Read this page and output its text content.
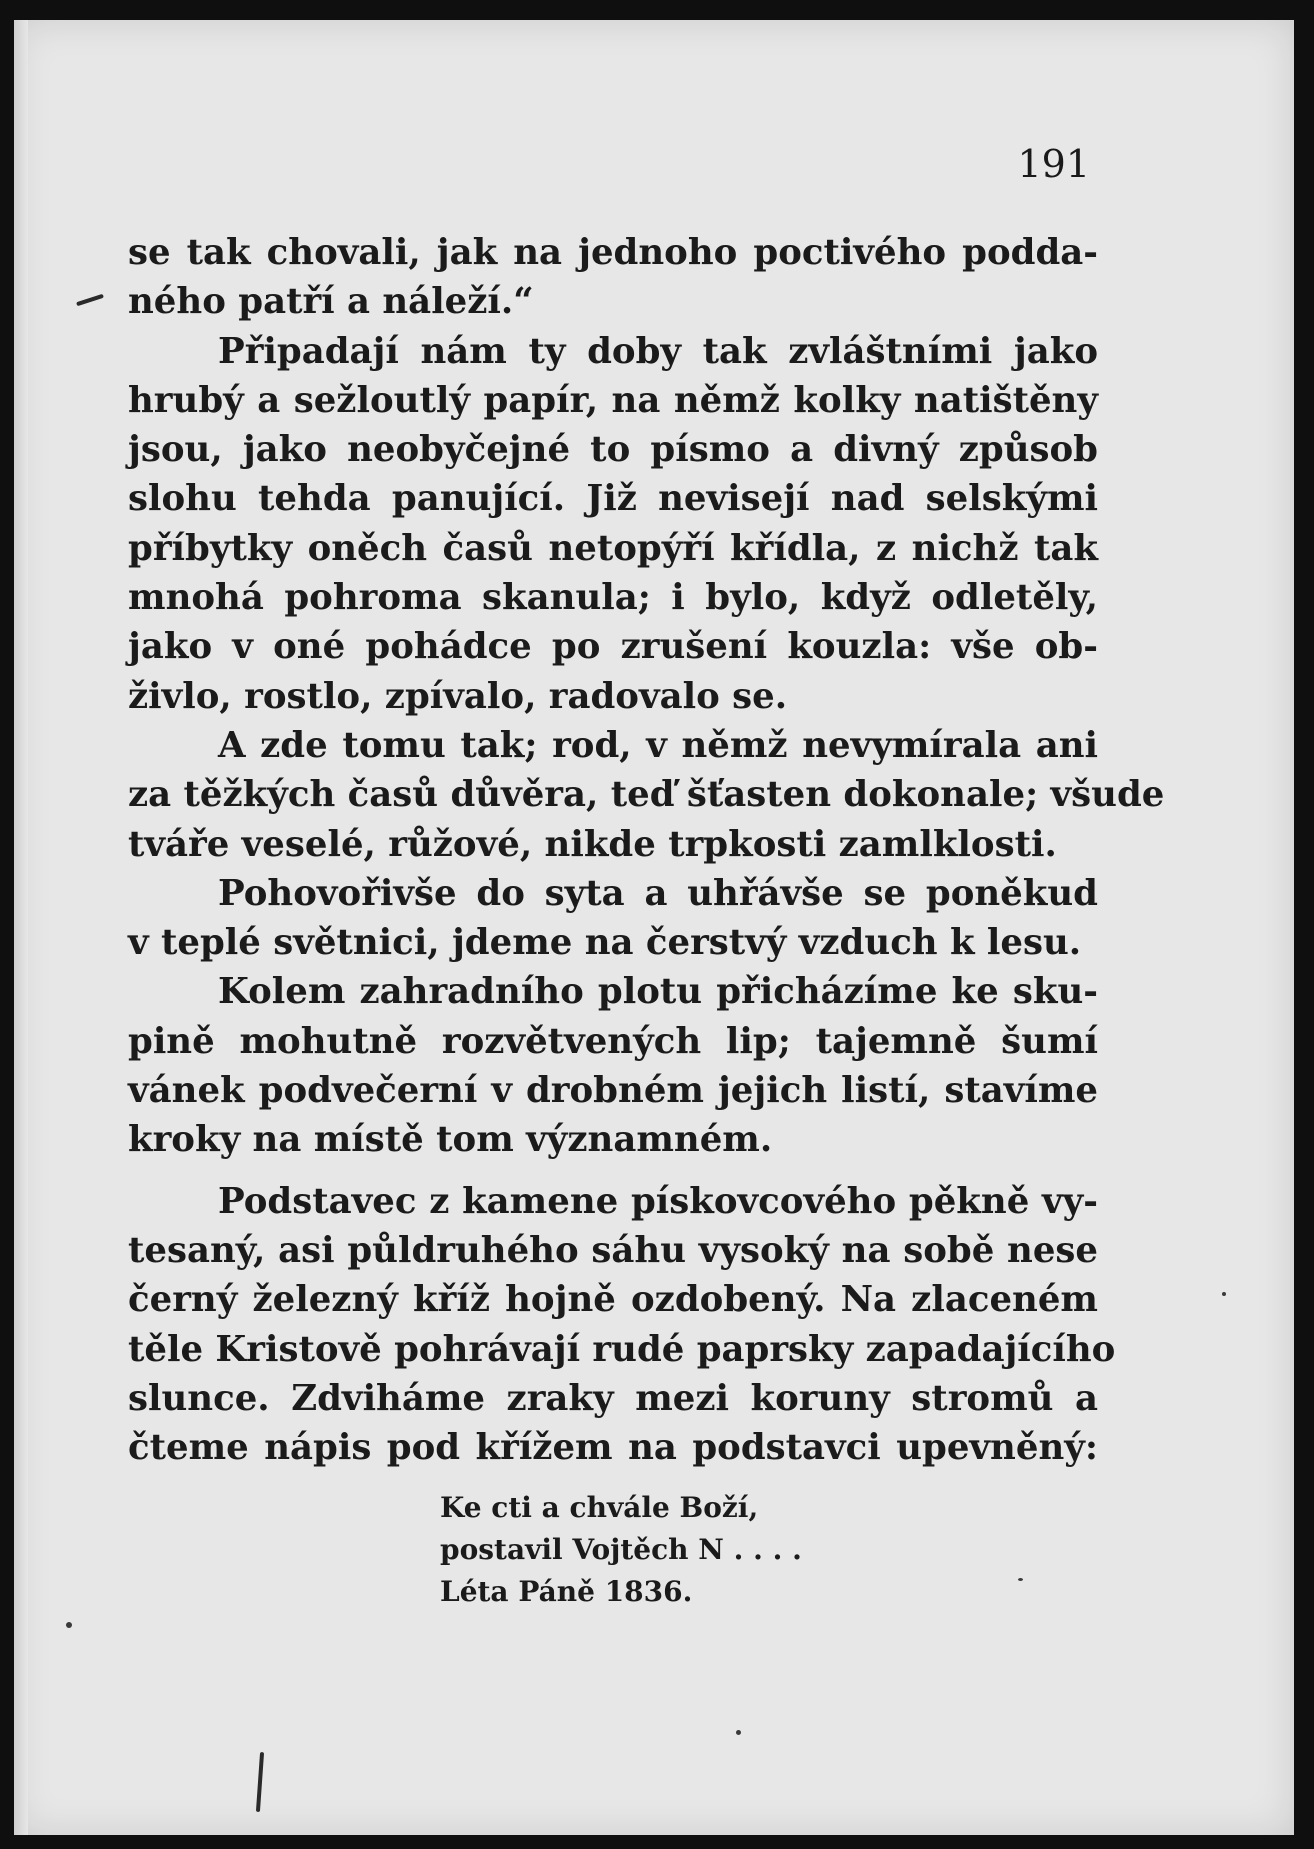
191
se tak chovali, jak na jednoho poctivého podda-
ného patří a náleží.“
Připadají nám ty doby tak zvláštními jako
hrubý a sežloutlý papír, na němž kolky natištěny
jsou, jako neobyčejné to písmo a divný způsob
slohu tehda panující. Již nevisejí nad selskými
příbytky oněch časů netopýří křídla, z nichž tak
mnohá pohroma skanula; i bylo, když odletěly,
jako v oné pohádce po zrušení kouzla: vše ob-
živlo, rostlo, zpívalo, radovalo se.
A zde tomu tak; rod, v němž nevymírala ani
za těžkých časů důvěra, teď šťasten dokonale; všude
tváře veselé, růžové, nikde trpkosti zamlklosti.
Pohovořivše do syta a uhřávše se poněkud
v teplé světnici, jdeme na čerstvý vzduch k lesu.
Kolem zahradního plotu přicházíme ke sku-
pině mohutně rozvětvených lip; tajemně šumí
vánek podvečerní v drobném jejich listí, stavíme
kroky na místě tom významném.
Podstavec z kamene pískovcového pěkně vy-
tesaný, asi půldruhého sáhu vysoký na sobě nese
černý železný kříž hojně ozdobený. Na zlaceném
těle Kristově pohrávají rudé paprsky zapadajícího
slunce. Zdviháme zraky mezi koruny stromů a
čteme nápis pod křížem na podstavci upevněný:
Ke cti a chvále Boží,
postavil Vojtěch N . . . .
Léta Páně 1836.
